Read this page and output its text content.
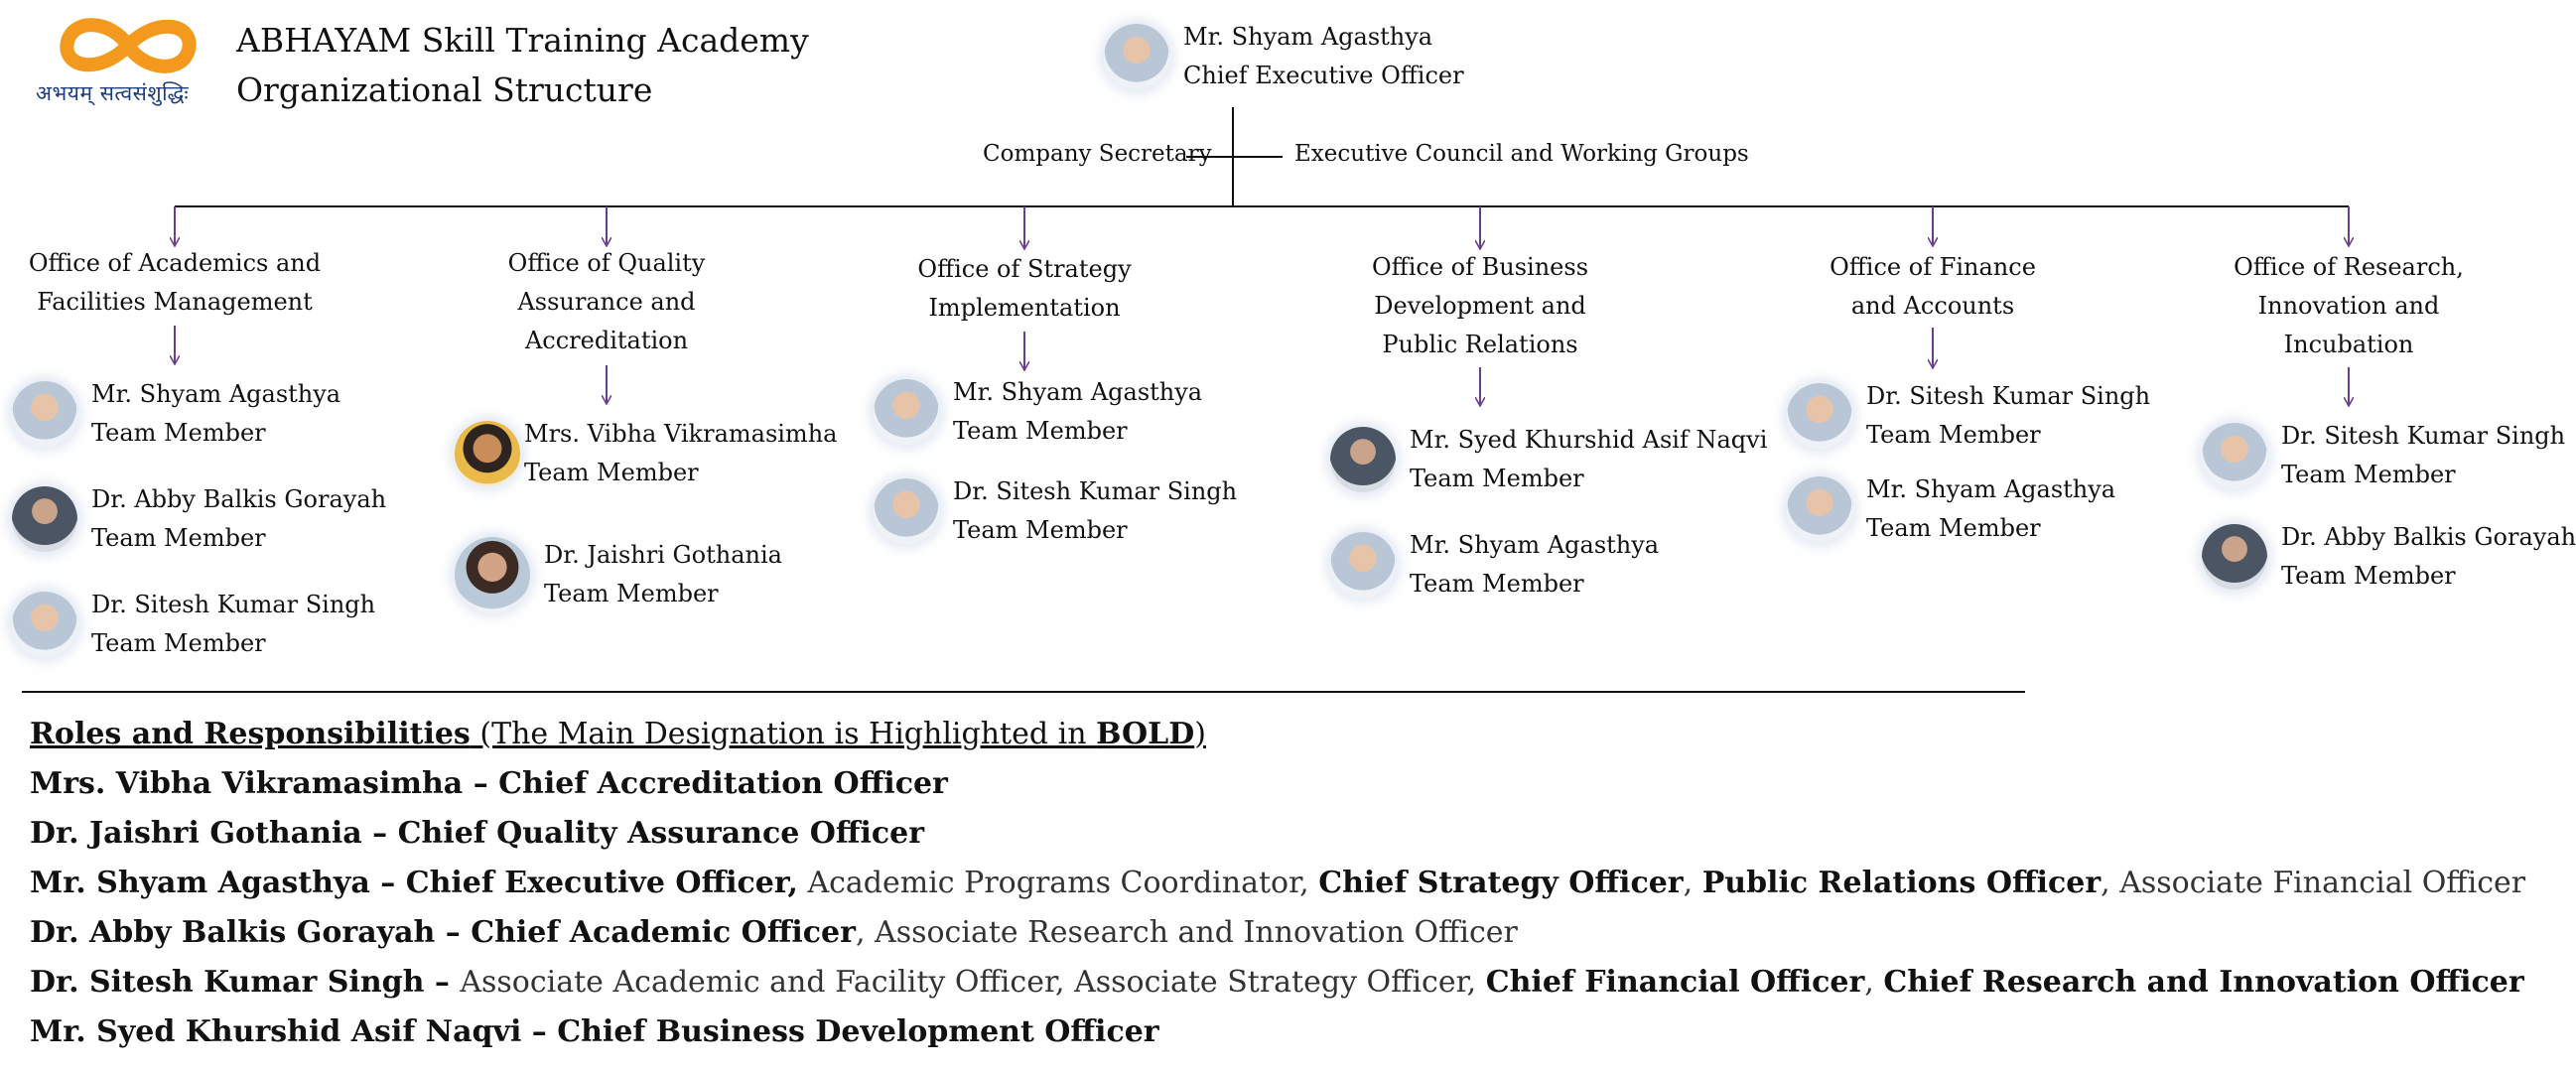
अभयम् सत्वसंशुद्धिः
ABHAYAM Skill Training Academy
Organizational Structure
Mr. Shyam Agasthya
Chief Executive Officer
Company Secretary	Executive Council and Working Groups
Office of Academics and
Facilities Management
Office of Quality
Assurance and
Accreditation
Office of Strategy
Implementation
Office of Business
Development and
Public Relations
Office of Finance
and Accounts
Office of Research,
Innovation and
Incubation
Mr. Shyam Agasthya
Team Member
Dr. Abby Balkis Gorayah
Team Member
Dr. Sitesh Kumar Singh
Team Member
Mrs. Vibha Vikramasimha
Team Member
Dr. Jaishri Gothania
Team Member
Mr. Shyam Agasthya
Team Member
Dr. Sitesh Kumar Singh
Team Member
Mr. Syed Khurshid Asif Naqvi
Team Member
Mr. Shyam Agasthya
Team Member
Dr. Sitesh Kumar Singh
Team Member
Mr. Shyam Agasthya
Team Member
Dr. Sitesh Kumar Singh
Team Member
Dr. Abby Balkis Gorayah
Team Member
Roles and Responsibilities (The Main Designation is Highlighted in BOLD)
Mrs. Vibha Vikramasimha – Chief Accreditation Officer
Dr. Jaishri Gothania – Chief Quality Assurance Officer
Mr. Shyam Agasthya – Chief Executive Officer, Academic Programs Coordinator, Chief Strategy Officer, Public Relations Officer, Associate Financial Officer
Dr. Abby Balkis Gorayah – Chief Academic Officer, Associate Research and Innovation Officer
Dr. Sitesh Kumar Singh – Associate Academic and Facility Officer, Associate Strategy Officer, Chief Financial Officer, Chief Research and Innovation Officer
Mr. Syed Khurshid Asif Naqvi – Chief Business Development Officer
